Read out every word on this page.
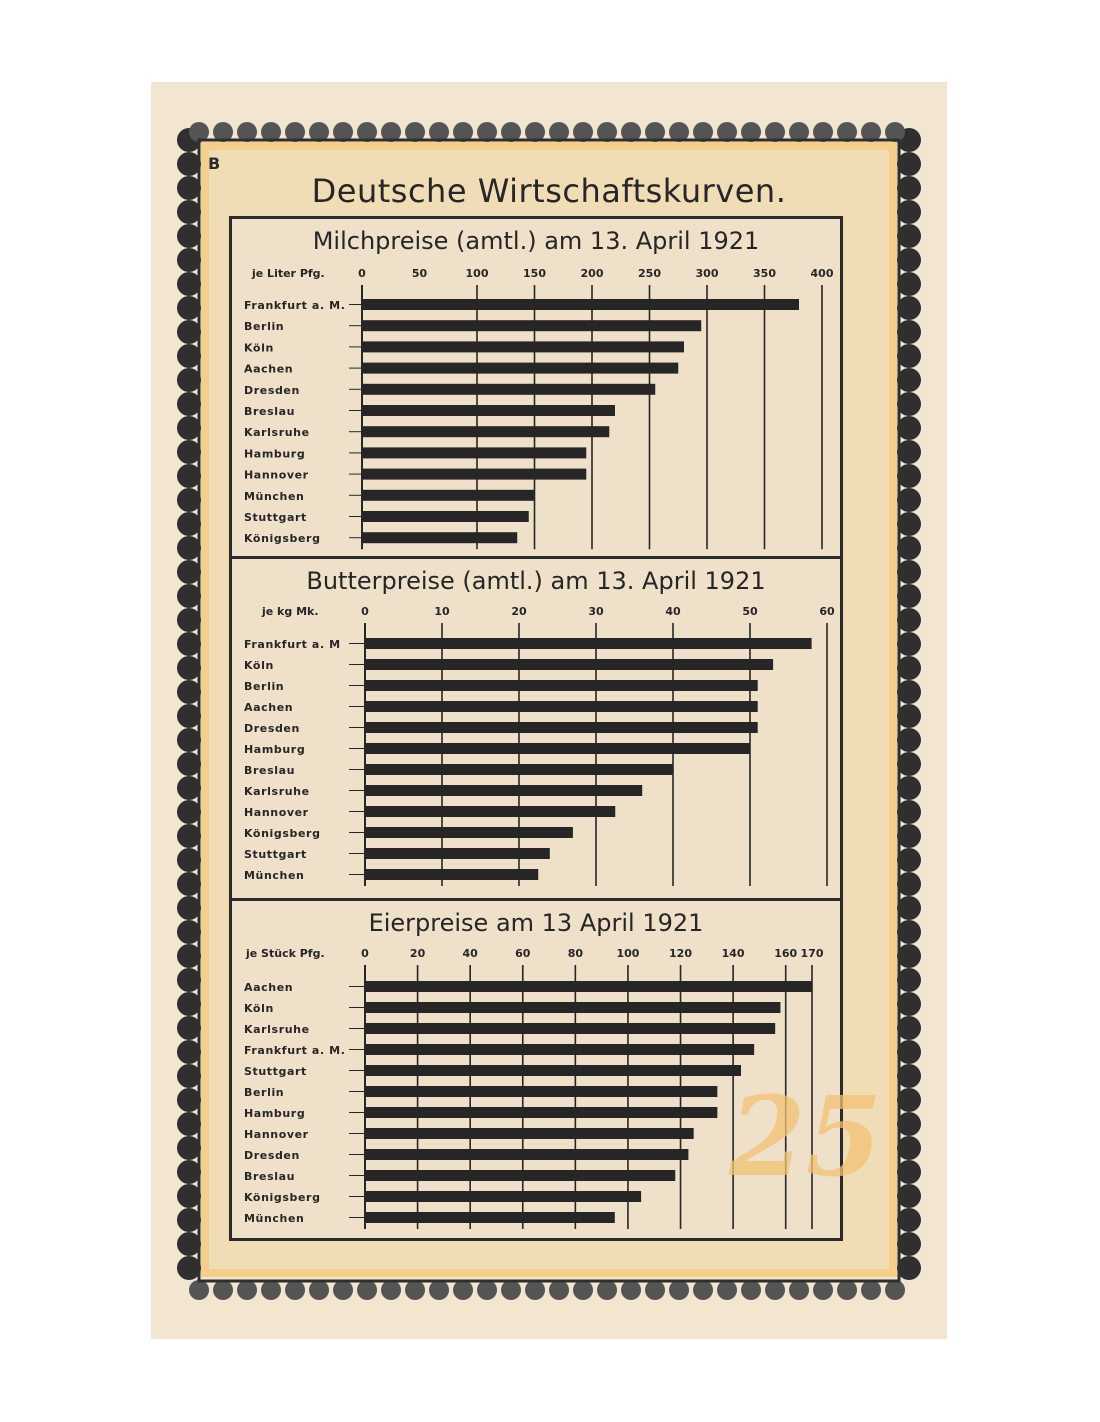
B
Deutsche Wirtschaftskurven.
Milchpreise (amtl.) am 13. April 1921
je Liter Pfg.	0	50	100	150	200	250	300	350	400
Frankfurt a. M.
Berlin
Köln
Aachen
Dresden
Breslau
Karlsruhe
Hamburg
Hannover
München
Stuttgart
Königsberg
Butterpreise (amtl.) am 13. April 1921
je kg Mk.	0	10	20	30	40	50	60
Frankfurt a. M
Köln
Berlin
Aachen
Dresden
Hamburg
Breslau
Karlsruhe
Hannover
Königsberg
Stuttgart
München
Eierpreise am 13 April 1921
je Stück Pfg.	0	20	40	60	80	100	120	140	160 170
Aachen
Köln
Karlsruhe
Frankfurt a. M.
Stuttgart
Berlin
Hamburg
Hannover
Dresden
Breslau
Königsberg
München
25
